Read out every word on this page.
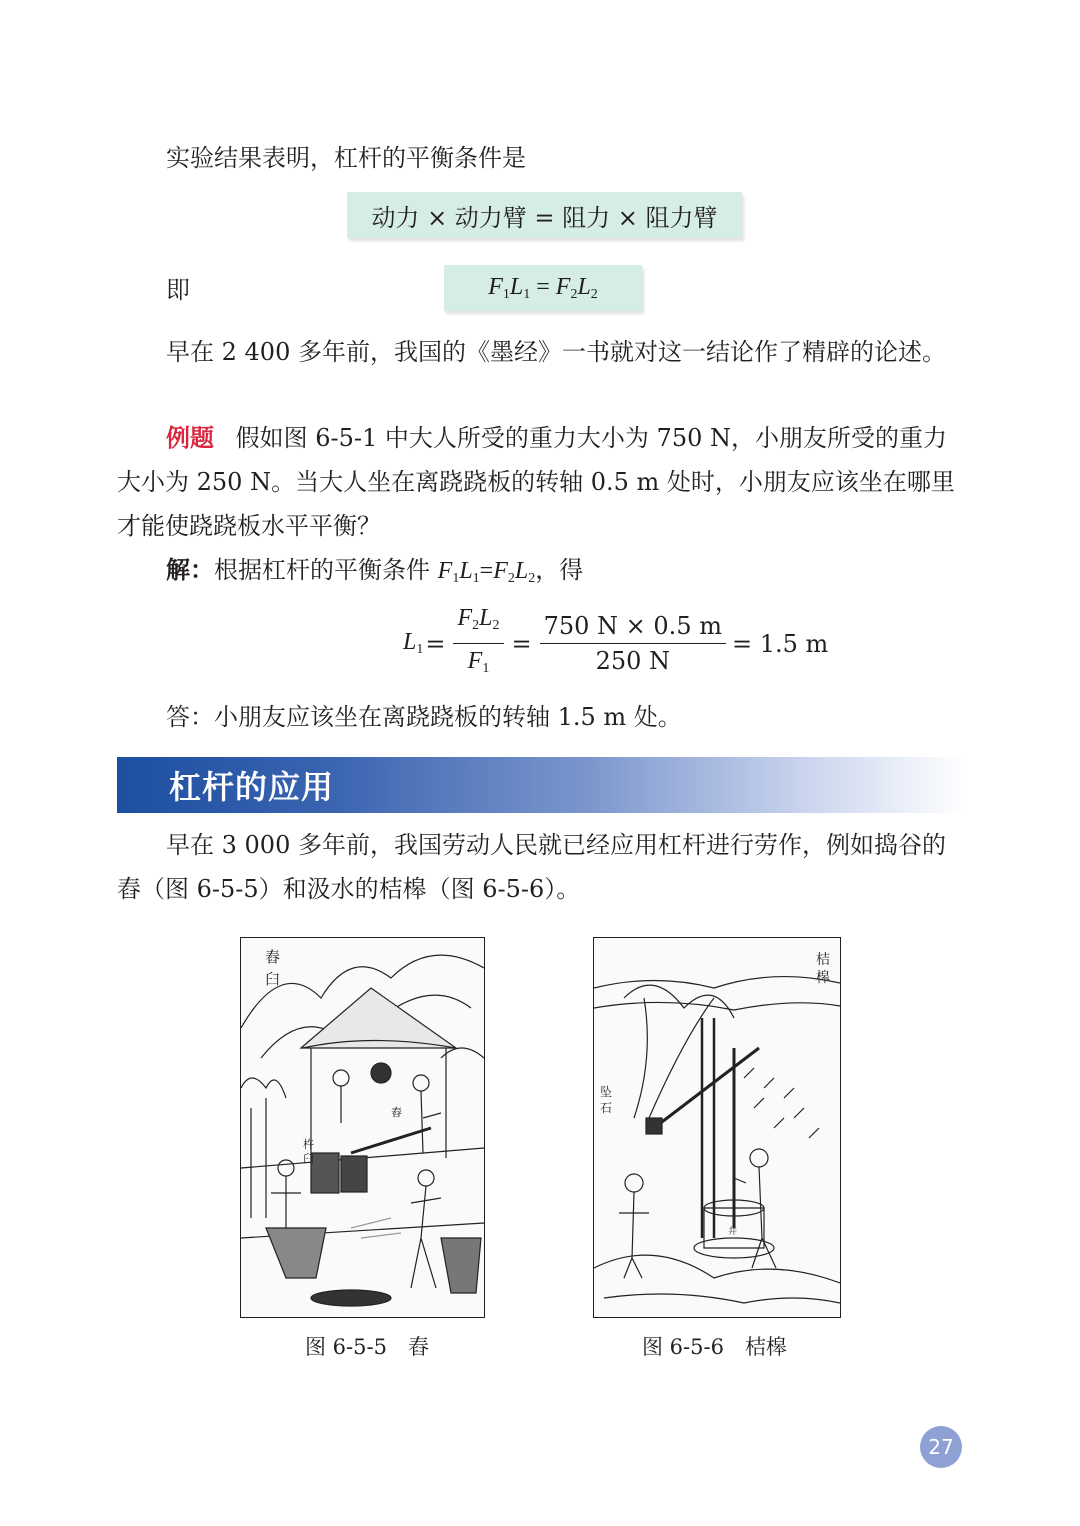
实验结果表明，杠杆的平衡条件是
动力 × 动力臂 = 阻力 × 阻力臂
即	$F_1L_1 = F_2L_2$
早在 2 400 多年前，我国的《墨经》一书就对这一结论作了精辟的论述。
例题 假如图 6-5-1 中大人所受的重力大小为 750 N，小朋友所受的重力
大小为 250 N。当大人坐在离跷跷板的转轴 0.5 m 处时，小朋友应该坐在哪里
才能使跷跷板水平平衡？
解：根据杠杆的平衡条件 $F_1L_1=F_2L_2$，得
$L_1 = \frac{F_2L_2}{F_1} = \frac{750 N \times 0.5 m}{250 N} = 1.5$ m
答：小朋友应该坐在离跷跷板的转轴 1.5 m 处。
杠杆的应用
早在 3 000 多年前，我国劳动人民就已经应用杠杆进行劳作，例如捣谷的
舂（图 6-5-5）和汲水的桔槔（图 6-5-6）。
舂
臼
杵
臼
舂
图 6-5-5　舂
桔
槔
坠
石
井
图 6-5-6　桔槔
27
